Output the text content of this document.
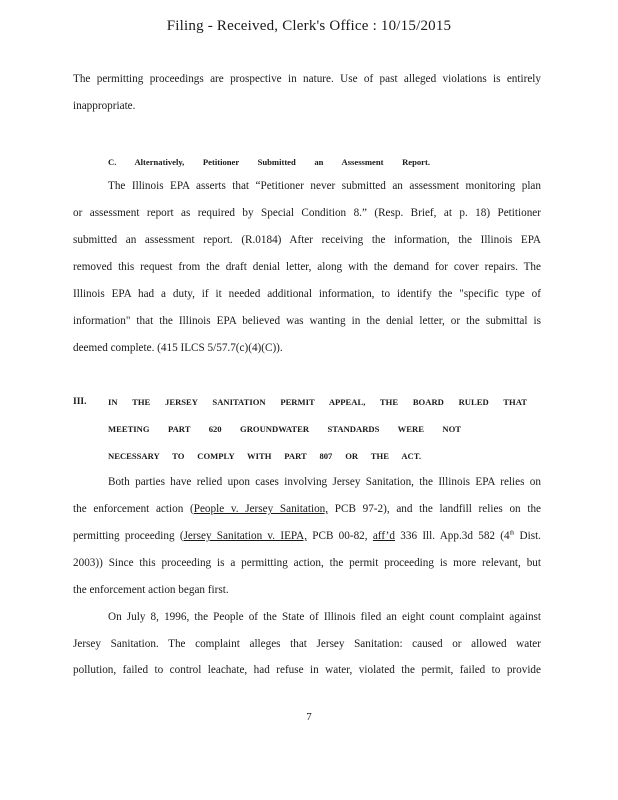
Filing - Received, Clerk's Office : 10/15/2015
The permitting proceedings are prospective in nature. Use of past alleged violations is entirely
inappropriate.
C. Alternatively, Petitioner Submitted an Assessment Report.
The Illinois EPA asserts that “Petitioner never submitted an assessment monitoring plan
or assessment report as required by Special Condition 8.” (Resp. Brief, at p. 18) Petitioner
submitted an assessment report. (R.0184) After receiving the information, the Illinois EPA
removed this request from the draft denial letter, along with the demand for cover repairs. The
Illinois EPA had a duty, if it needed additional information, to identify the "specific type of
information" that the Illinois EPA believed was wanting in the denial letter, or the submittal is
deemed complete. (415 ILCS 5/57.7(c)(4)(C)).
III.	IN THE JERSEY SANITATION PERMIT APPEAL, THE BOARD RULED THAT
MEETING PART 620 GROUNDWATER STANDARDS WERE NOT
NECESSARY TO COMPLY WITH PART 807 OR THE ACT.
Both parties have relied upon cases involving Jersey Sanitation, the Illinois EPA relies on
the enforcement action (People v. Jersey Sanitation, PCB 97-2), and the landfill relies on the
permitting proceeding (Jersey Sanitation v. IEPA, PCB 00-82, aff’d 336 Ill. App.3d 582 (4th Dist.
2003)) Since this proceeding is a permitting action, the permit proceeding is more relevant, but
the enforcement action began first.
On July 8, 1996, the People of the State of Illinois filed an eight count complaint against
Jersey Sanitation. The complaint alleges that Jersey Sanitation: caused or allowed water
pollution, failed to control leachate, had refuse in water, violated the permit, failed to provide
7
